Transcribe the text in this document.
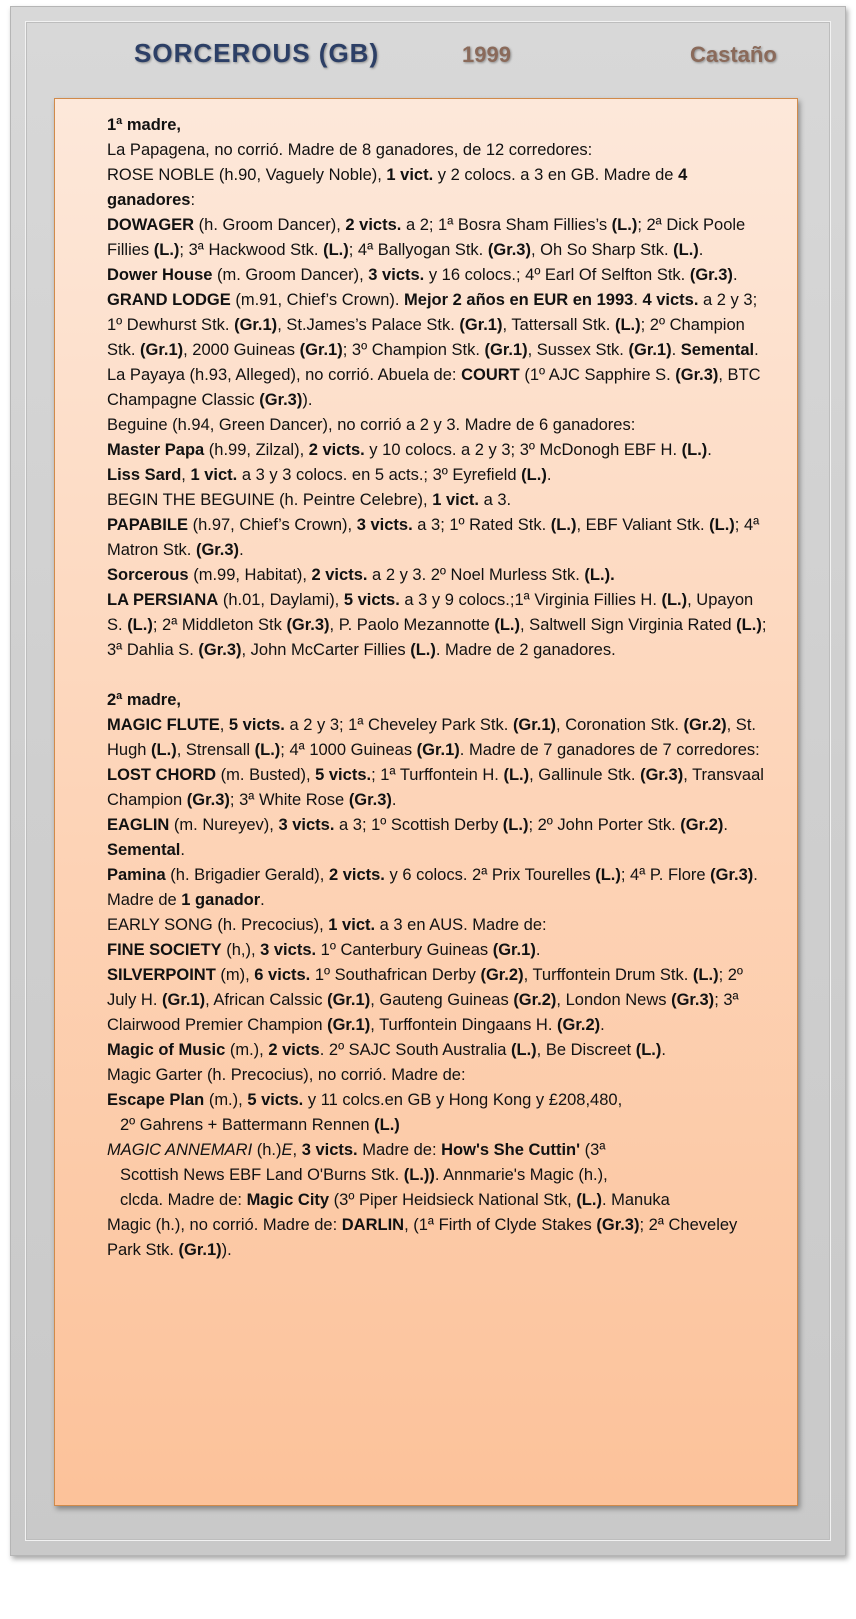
SORCEROUS (GB)	1999	Castaño

1ª madre,

La Papagena, no corrió. Madre de 8 ganadores, de 12 corredores:

ROSE NOBLE (h.90, Vaguely Noble), 1 vict. y 2 colocs. a 3 en GB. Madre de 4 ganadores:

DOWAGER (h. Groom Dancer), 2 victs. a 2; 1ª Bosra Sham Fillies’s (L.); 2ª Dick Poole Fillies (L.); 3ª Hackwood Stk. (L.); 4ª Ballyogan Stk. (Gr.3), Oh So Sharp Stk. (L.).

Dower House (m. Groom Dancer), 3 victs. y 16 colocs.; 4º Earl Of Selfton Stk. (Gr.3).

GRAND LODGE (m.91, Chief’s Crown). Mejor 2 años en EUR en 1993. 4 victs. a 2 y 3; 1º Dewhurst Stk. (Gr.1), St.James’s Palace Stk. (Gr.1), Tattersall Stk. (L.); 2º Champion Stk. (Gr.1), 2000 Guineas (Gr.1); 3º Champion Stk. (Gr.1), Sussex Stk. (Gr.1). Semental.

La Payaya (h.93, Alleged), no corrió. Abuela de: COURT (1º AJC Sapphire S. (Gr.3), BTC Champagne Classic (Gr.3)).

Beguine (h.94, Green Dancer), no corrió a 2 y 3. Madre de 6 ganadores:

Master Papa (h.99, Zilzal), 2 victs. y 10 colocs. a 2 y 3; 3º McDonogh EBF H. (L.).

Liss Sard, 1 vict. a 3 y 3 colocs. en 5 acts.; 3º Eyrefield (L.).

BEGIN THE BEGUINE (h. Peintre Celebre), 1 vict. a 3.

PAPABILE (h.97, Chief’s Crown), 3 victs. a 3; 1º Rated Stk. (L.), EBF Valiant Stk. (L.); 4ª Matron Stk. (Gr.3).

Sorcerous (m.99, Habitat), 2 victs. a 2 y 3. 2º Noel Murless Stk. (L.).

LA PERSIANA (h.01, Daylami), 5 victs. a 3 y 9 colocs.;1ª Virginia Fillies H. (L.), Upayon S. (L.); 2ª Middleton Stk (Gr.3), P. Paolo Mezannotte (L.), Saltwell Sign Virginia Rated (L.); 3ª Dahlia S. (Gr.3), John McCarter Fillies (L.). Madre de 2 ganadores.

2ª madre,

MAGIC FLUTE, 5 victs. a 2 y 3; 1ª Cheveley Park Stk. (Gr.1), Coronation Stk. (Gr.2), St. Hugh (L.), Strensall (L.); 4ª 1000 Guineas (Gr.1). Madre de 7 ganadores de 7 corredores:

LOST CHORD (m. Busted), 5 victs.; 1ª Turffontein H. (L.), Gallinule Stk. (Gr.3), Transvaal Champion (Gr.3); 3ª White Rose (Gr.3).

EAGLIN (m. Nureyev), 3 victs. a 3; 1º Scottish Derby (L.); 2º John Porter Stk. (Gr.2). Semental.

Pamina (h. Brigadier Gerald), 2 victs. y 6 colocs. 2ª Prix Tourelles (L.); 4ª P. Flore (Gr.3). Madre de 1 ganador.

EARLY SONG (h. Precocius), 1 vict. a 3 en AUS. Madre de:

FINE SOCIETY (h,), 3 victs. 1º Canterbury Guineas (Gr.1).

SILVERPOINT (m), 6 victs. 1º Southafrican Derby (Gr.2), Turffontein Drum Stk. (L.); 2º July H. (Gr.1), African Calssic (Gr.1), Gauteng Guineas (Gr.2), London News (Gr.3); 3ª Clairwood Premier Champion (Gr.1), Turffontein Dingaans H. (Gr.2).

Magic of Music (m.), 2 victs. 2º SAJC South Australia (L.), Be Discreet (L.).

Magic Garter (h. Precocius), no corrió. Madre de:

Escape Plan (m.), 5 victs. y 11 colcs.en GB y Hong Kong y £208,480,

2º Gahrens + Battermann Rennen (L.)

MAGIC ANNEMARI (h.)E, 3 victs. Madre de: How's She Cuttin' (3ª

Scottish News EBF Land O'Burns Stk. (L.)). Annmarie's Magic (h.),

clcda. Madre de: Magic City (3º Piper Heidsieck National Stk, (L.). Manuka

Magic (h.), no corrió. Madre de: DARLIN, (1ª Firth of Clyde Stakes (Gr.3); 2ª Cheveley Park Stk. (Gr.1)).
